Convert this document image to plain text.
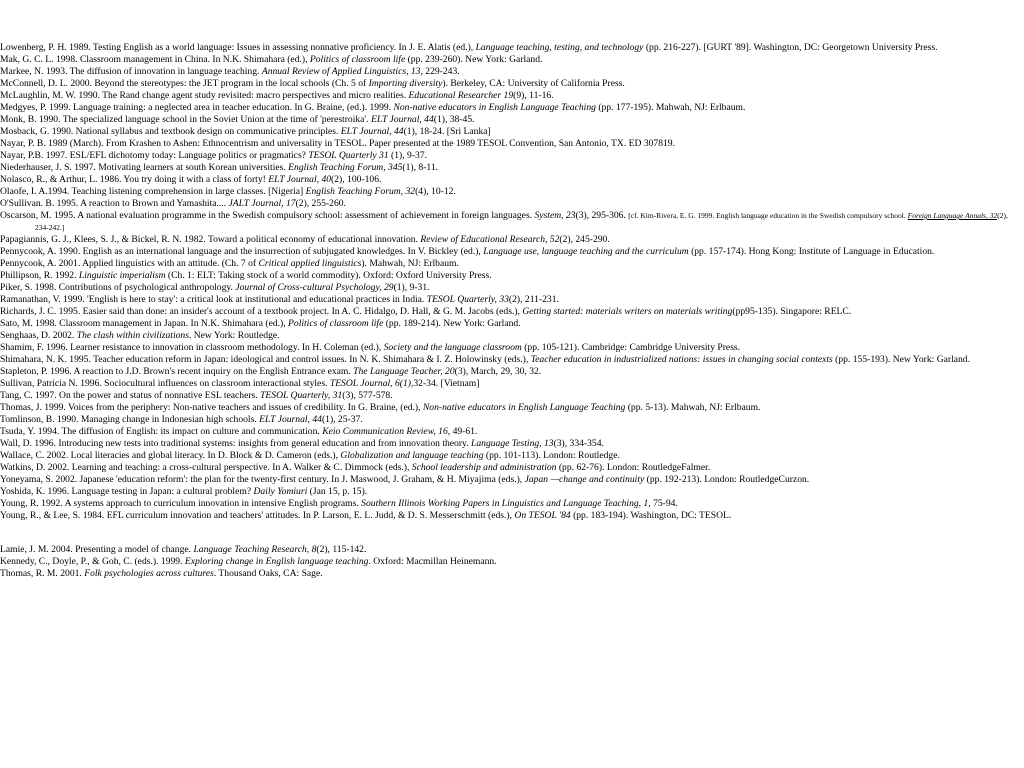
Lowenberg, P. H. 1989. Testing English as a world language: Issues in assessing nonnative proficiency. In J. E. Alatis (ed.), Language teaching, testing, and technology (pp. 216-227). [GURT '89]. Washington, DC: Georgetown University Press.
Mak, G. C. L. 1998. Classroom management in China. In N.K. Shimahara (ed.), Politics of classroom life (pp. 239-260). New York: Garland.
Markee, N. 1993. The diffusion of innovation in language teaching. Annual Review of Applied Linguistics, 13, 229-243.
McConnell, D. L. 2000. Beyond the stereotypes: the JET program in the local schools (Ch. 5 of Importing diversity). Berkeley, CA: University of California Press.
McLaughlin, M. W. 1990. The Rand change agent study revisited: macro perspectives and micro realities. Educational Researcher 19(9), 11-16.
Medgyes, P. 1999. Language training: a neglected area in teacher education. In G. Braine, (ed.). 1999. Non-native educators in English Language Teaching (pp. 177-195). Mahwah, NJ: Erlbaum.
Monk, B. 1990. The specialized language school in the Soviet Union at the time of 'perestroika'. ELT Journal, 44(1), 38-45.
Mosback, G. 1990. National syllabus and textbook design on communicative principles. ELT Journal, 44(1), 18-24. [Sri Lanka]
Nayar, P. B. 1989 (March). From Krashen to Ashen: Ethnocentrism and universality in TESOL. Paper presented at the 1989 TESOL Convention, San Antonio, TX. ED 307819.
Nayar, P.B. 1997. ESL/EFL dichotomy today: Language politics or pragmatics? TESOL Quarterly 31 (1), 9-37.
Niederhauser, J. S. 1997. Motivating learners at south Korean universities. English Teaching Forum, 345(1), 8-11.
Nolasco, R., & Arthur, L. 1986. You try doing it with a class of forty! ELT Journal, 40(2), 100-106.
Olaofe, I. A.1994. Teaching listening comprehension in large classes. [Nigeria] English Teaching Forum, 32(4), 10-12.
O'Sullivan. B. 1995. A reaction to Brown and Yamashita.... JALT Journal, 17(2), 255-260.
Oscarson, M. 1995. A national evaluation programme in the Swedish compulsory school: assessment of achievement in foreign languages. System, 23(3), 295-306. [cf. Kim-Rivera, E. G. 1999. English language education in the Swedish compulsory school. Foreign Language Annals, 32(2), 234-242.]
Papagiannis, G. J., Klees, S. J., & Bickel, R. N. 1982. Toward a political economy of educational innovation. Review of Educational Research, 52(2), 245-290.
Pennycook, A. 1990. English as an international language and the insurrection of subjugated knowledges. In V. Bickley (ed.), Language use, language teaching and the curriculum (pp. 157-174). Hong Kong: Institute of Language in Education.
Pennycook, A. 2001. Applied linguistics with an attitude. (Ch. 7 of Critical applied linguistics). Mahwah, NJ: Erlbaum.
Phillipson, R. 1992. Linguistic imperialism (Ch. 1: ELT: Taking stock of a world commodity). Oxford: Oxford University Press.
Piker, S. 1998. Contributions of psychological anthropology. Journal of Cross-cultural Psychology, 29(1), 9-31.
Ramanathan, V. 1999. 'English is here to stay': a critical look at institutional and educational practices in India. TESOL Quarterly, 33(2), 211-231.
Richards, J. C. 1995. Easier said than done: an insider's account of a textbook project. In A. C. Hidalgo, D. Hall, & G. M. Jacobs (eds.), Getting started: materials writers on materials writing(pp95-135). Singapore: RELC.
Sato, M. 1998. Classroom management in Japan. In N.K. Shimahara (ed.), Politics of classroom life (pp. 189-214). New York: Garland.
Senghaas, D. 2002. The clash within civilizations. New York: Routledge.
Shamim, F. 1996. Learner resistance to innovation in classroom methodology. In H. Coleman (ed.), Society and the language classroom (pp. 105-121). Cambridge: Cambridge University Press.
Shimahara, N. K. 1995. Teacher education reform in Japan: ideological and control issues. In N. K. Shimahara & I. Z. Holowinsky (eds.), Teacher education in industrialized nations: issues in changing social contexts (pp. 155-193). New York: Garland.
Stapleton, P. 1996. A reaction to J.D. Brown's recent inquiry on the English Entrance exam. The Language Teacher, 20(3), March, 29, 30, 32.
Sullivan, Patricia N. 1996. Sociocultural influences on classroom interactional styles. TESOL Journal, 6(1),32-34. [Vietnam]
Tang, C. 1997. On the power and status of nonnative ESL teachers. TESOL Quarterly, 31(3), 577-578.
Thomas, J. 1999. Voices from the periphery: Non-native teachers and issues of credibility. In G. Braine, (ed.), Non-native educators in English Language Teaching (pp. 5-13). Mahwah, NJ: Erlbaum.
Tomlinson, B. 1990. Managing change in Indonesian high schools. ELT Journal, 44(1), 25-37.
Tsuda, Y. 1994. The diffusion of English: its impact on culture and communication. Keio Communication Review, 16, 49-61.
Wall, D. 1996. Introducing new tests into traditional systems: insights from general education and from innovation theory. Language Testing, 13(3), 334-354.
Wallace, C. 2002. Local literacies and global literacy. In D. Block & D. Cameron (eds.), Globalization and language teaching (pp. 101-113). London: Routledge.
Watkins, D. 2002. Learning and teaching: a cross-cultural perspective. In A. Walker & C. Dimmock (eds.), School leadership and administration (pp. 62-76). London: RoutledgeFalmer.
Yoneyama, S. 2002. Japanese 'education reform': the plan for the twenty-first century. In J. Maswood, J. Graham, & H. Miyajima (eds.), Japan —change and continuity (pp. 192-213). London: RoutledgeCurzon.
Yoshida, K. 1996. Language testing in Japan: a cultural problem? Daily Yomiuri (Jan 15, p. 15).
Young, R. 1992. A systems approach to curriculum innovation in intensive English programs. Southern Illinois Working Papers in Linguistics and Language Teaching, 1, 75-94.
Young, R., & Lee, S. 1984. EFL curriculum innovation and teachers' attitudes. In P. Larson, E. L. Judd, & D. S. Messerschmitt (eds.), On TESOL '84 (pp. 183-194). Washington, DC: TESOL.
Lamie, J. M. 2004. Presenting a model of change. Language Teaching Research, 8(2), 115-142.
Kennedy, C., Doyle, P., & Goh, C. (eds.). 1999. Exploring change in English language teaching. Oxford: Macmillan Heinemann.
Thomas, R. M. 2001. Folk psychologies across cultures. Thousand Oaks, CA: Sage.
